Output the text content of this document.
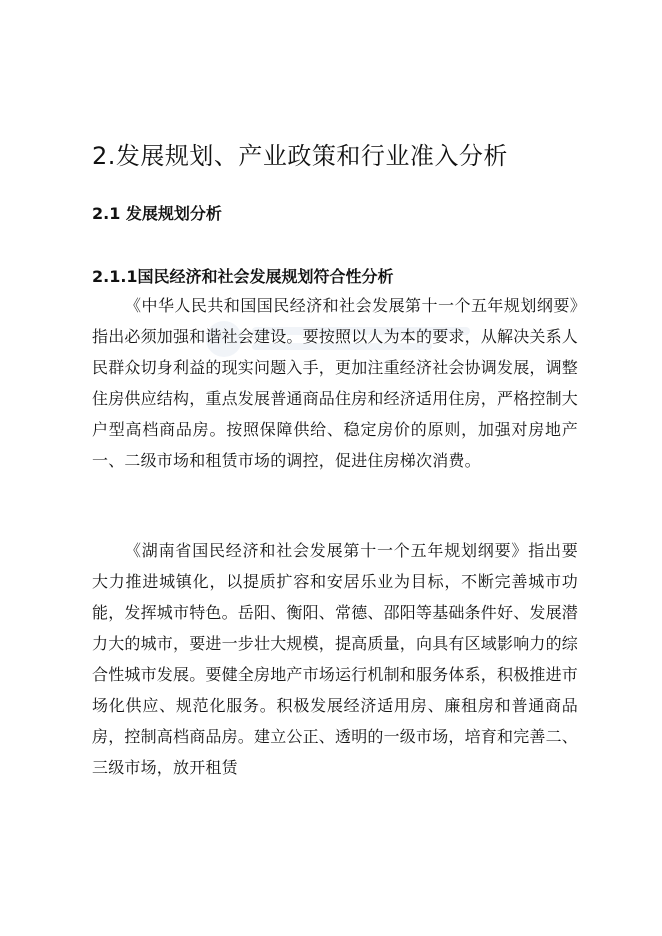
2.发展规划、产业政策和行业准入分析
2.1 发展规划分析
2.1.1国民经济和社会发展规划符合性分析
《中华人民共和国国民经济和社会发展第十一个五年规划纲要》指出必须加强和谐社会建设。要按照以人为本的要求，从解决关系人民群众切身利益的现实问题入手，更加注重经济社会协调发展，调整住房供应结构，重点发展普通商品住房和经济适用住房，严格控制大户型高档商品房。按照保障供给、稳定房价的原则，加强对房地产一、二级市场和租赁市场的调控，促进住房梯次消费。
《湖南省国民经济和社会发展第十一个五年规划纲要》指出要大力推进城镇化，以提质扩容和安居乐业为目标，不断完善城市功能，发挥城市特色。岳阳、衡阳、常德、邵阳等基础条件好、发展潜力大的城市，要进一步壮大规模，提高质量，向具有区域影响力的综合性城市发展。要健全房地产市场运行机制和服务体系，积极推进市场化供应、规范化服务。积极发展经济适用房、廉租房和普通商品房，控制高档商品房。建立公正、透明的一级市场，培育和完善二、三级市场，放开租赁
